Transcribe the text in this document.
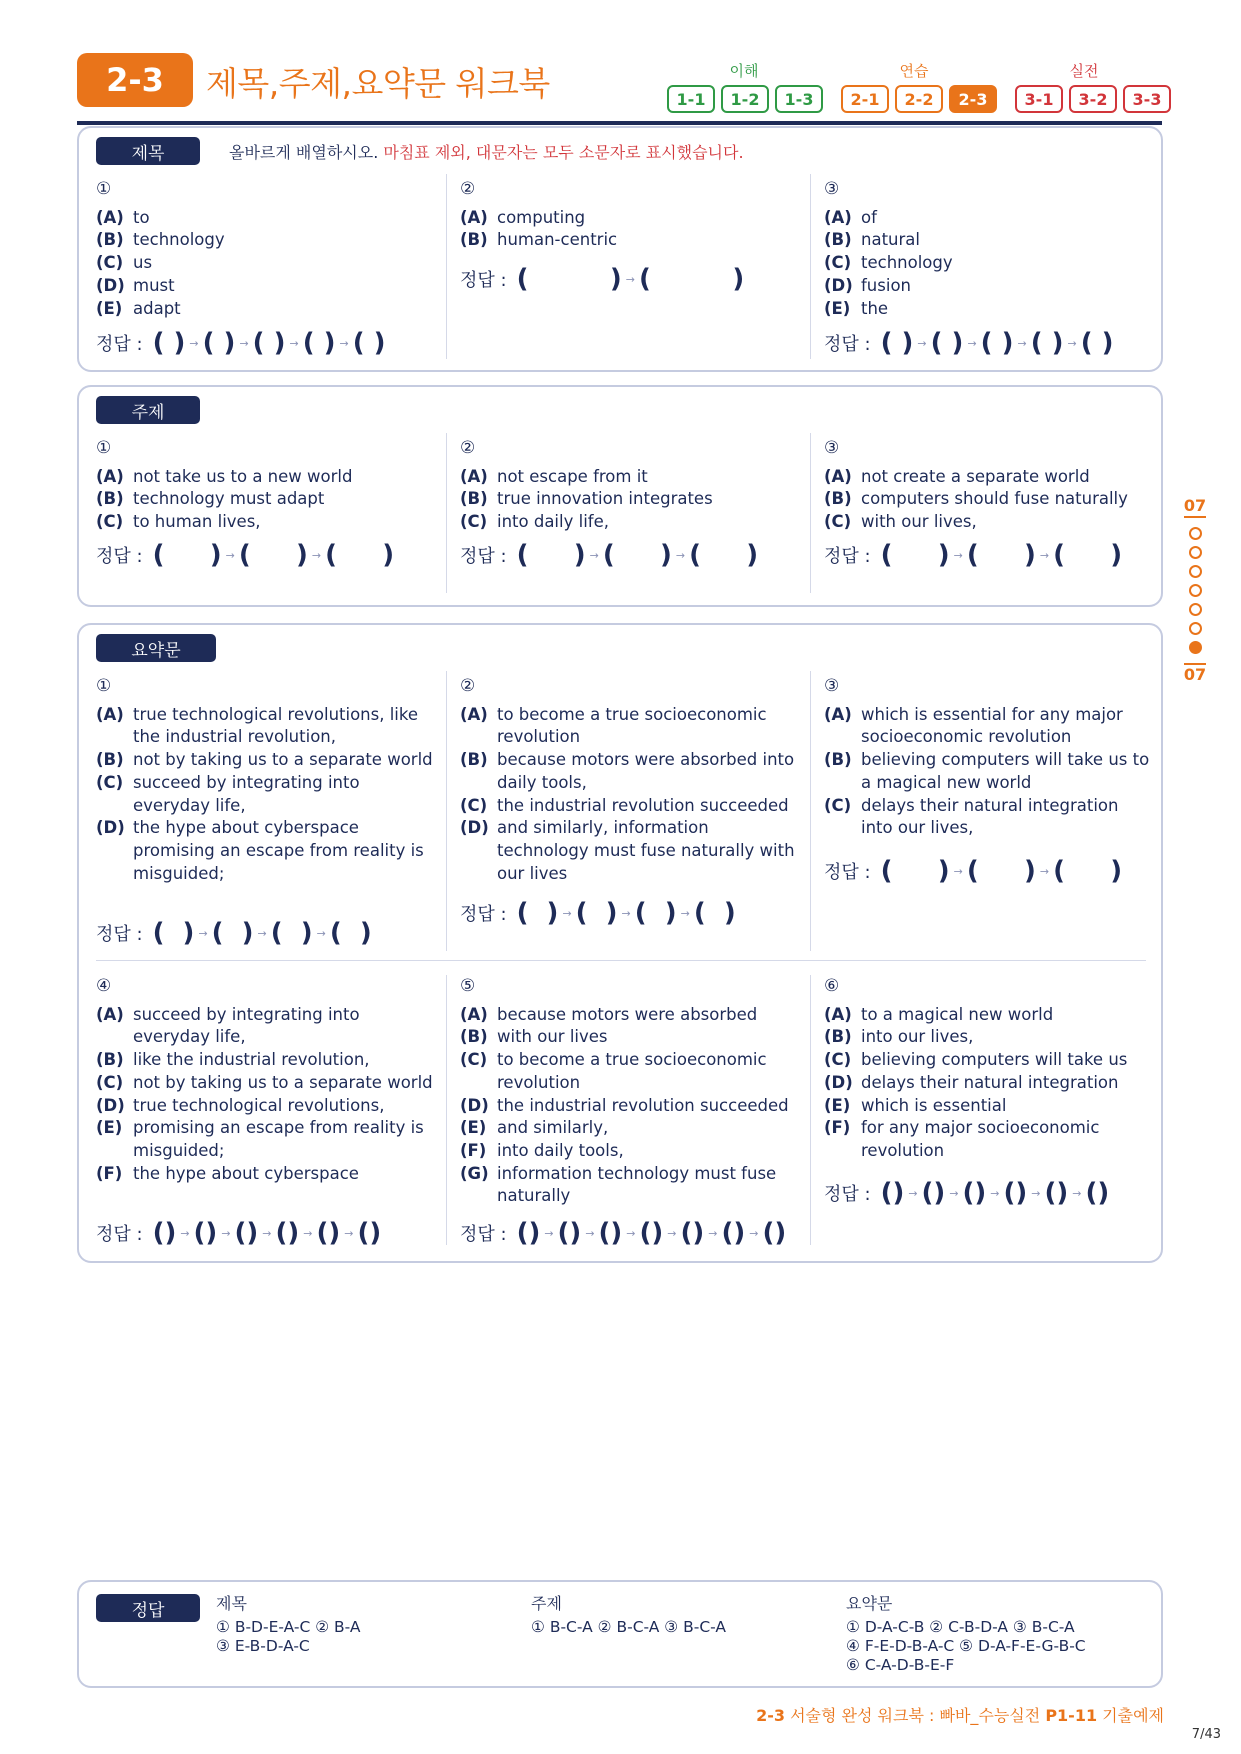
2-3	제목,주제,요약문 워크북	이해	연습	실전
1-1	1-2	1-3	2-1	2-2	2-3	3-1	3-2	3-3
제목	올바르게 배열하시오. 마침표 제외, 대문자는 모두 소문자로 표시했습니다.
①
(A) to
(B) technology
(C) us
(D) must
(E) adapt
정답 : ( ) → ( ) → ( ) → ( ) → ( )
②
(A) computing
(B) human-centric
정답 : (         ) → (         )
③
(A) of
(B) natural
(C) technology
(D) fusion
(E) the
정답 : ( ) → ( ) → ( ) → ( ) → ( )
주제
①
(A) not take us to a new world
(B) technology must adapt
(C) to human lives,
정답 : (     ) → (     ) → (     )
②
(A) not escape from it
(B) true innovation integrates
(C) into daily life,
정답 : (     ) → (     ) → (     )
③
(A) not create a separate world
(B) computers should fuse naturally
(C) with our lives,
정답 : (     ) → (     ) → (     )
요약문
①
(A) true technological revolutions, like the industrial revolution,
(B) not by taking us to a separate world
(C) succeed by integrating into everyday life,
(D) the hype about cyberspace promising an escape from reality is misguided;
정답 : (  ) → (  ) → (  ) → (  )
②
(A) to become a true socioeconomic revolution
(B) because motors were absorbed into daily tools,
(C) the industrial revolution succeeded
(D) and similarly, information technology must fuse naturally with our lives
정답 : (  ) → (  ) → (  ) → (  )
③
(A) which is essential for any major socioeconomic revolution
(B) believing computers will take us to a magical new world
(C) delays their natural integration into our lives,
정답 : (     ) → (     ) → (     )
④
(A) succeed by integrating into everyday life,
(B) like the industrial revolution,
(C) not by taking us to a separate world
(D) true technological revolutions,
(E) promising an escape from reality is misguided;
(F) the hype about cyberspace
정답 : () → () → () → () → () → ()
⑤
(A) because motors were absorbed
(B) with our lives
(C) to become a true socioeconomic revolution
(D) the industrial revolution succeeded
(E) and similarly,
(F) into daily tools,
(G) information technology must fuse naturally
정답 : () → () → () → () → () → () → ()
⑥
(A) to a magical new world
(B) into our lives,
(C) believing computers will take us
(D) delays their natural integration
(E) which is essential
(F) for any major socioeconomic revolution
정답 : () → () → () → () → () → ()
07
07
정답	제목
① B-D-E-A-C ② B-A
③ E-B-D-A-C
주제
① B-C-A ② B-C-A ③ B-C-A
요약문
① D-A-C-B ② C-B-D-A ③ B-C-A
④ F-E-D-B-A-C ⑤ D-A-F-E-G-B-C
⑥ C-A-D-B-E-F
2-3 서술형 완성 워크북 : 빠바_수능실전 P1-11 기출예제
7/43
